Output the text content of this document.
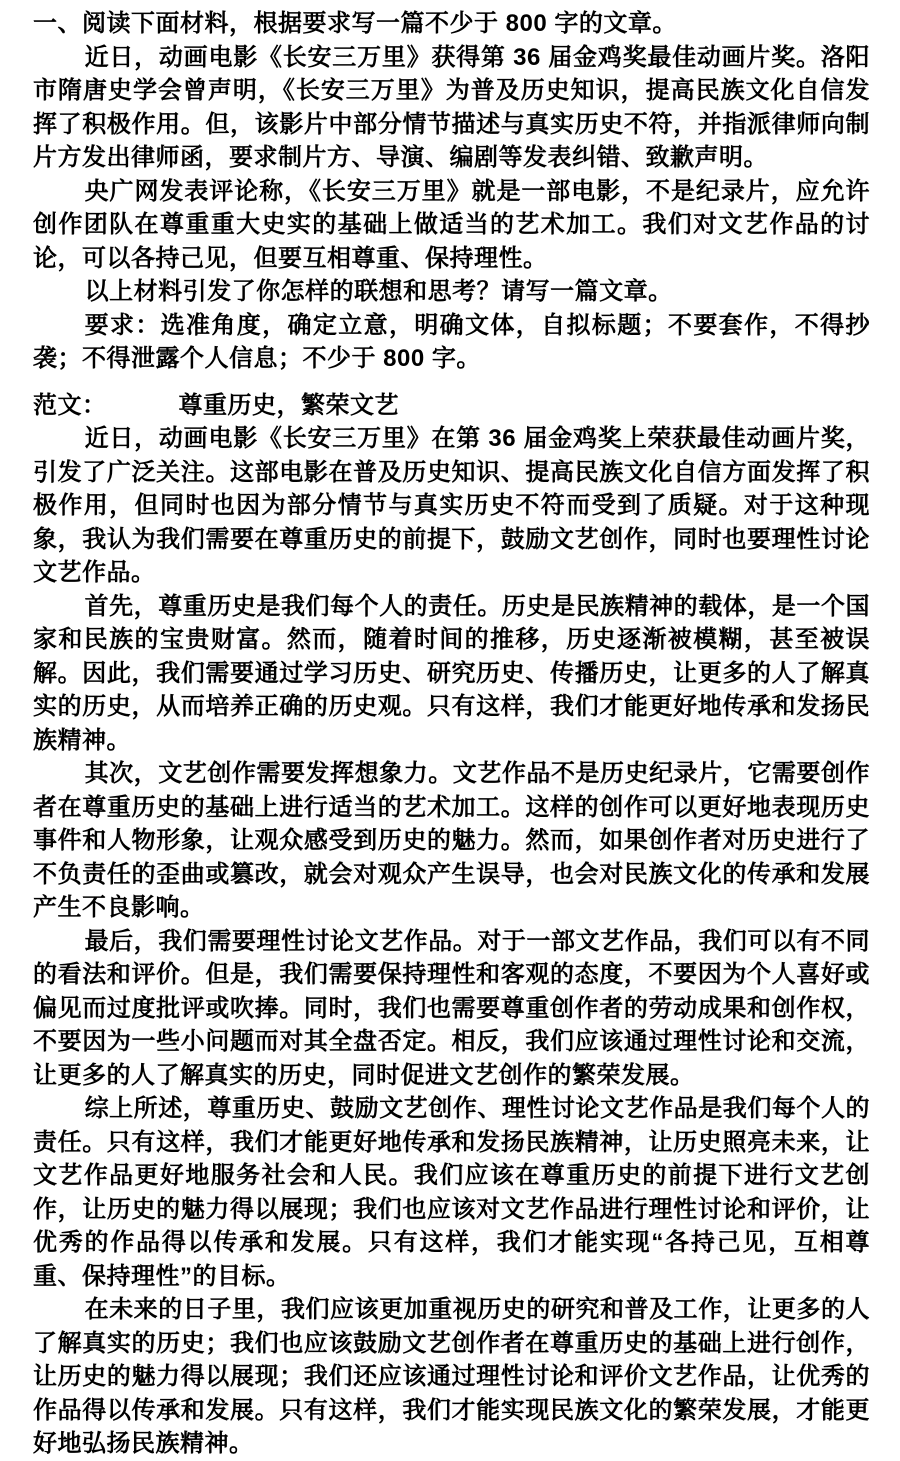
一、阅读下面材料，根据要求写一篇不少于 800 字的文章。

近日，动画电影《长安三万里》获得第 36 届金鸡奖最佳动画片奖。洛阳市隋唐史学会曾声明，《长安三万里》为普及历史知识，提高民族文化自信发挥了积极作用。但，该影片中部分情节描述与真实历史不符，并指派律师向制片方发出律师函，要求制片方、导演、编剧等发表纠错、致歉声明。

央广网发表评论称，《长安三万里》就是一部电影，不是纪录片，应允许创作团队在尊重重大史实的基础上做适当的艺术加工。我们对文艺作品的讨论，可以各持己见，但要互相尊重、保持理性。

以上材料引发了你怎样的联想和思考？请写一篇文章。

要求：选准角度，确定立意，明确文体，自拟标题；不要套作，不得抄袭；不得泄露个人信息；不少于 800 字。

范文：	尊重历史，繁荣文艺

近日，动画电影《长安三万里》在第 36 届金鸡奖上荣获最佳动画片奖，引发了广泛关注。这部电影在普及历史知识、提高民族文化自信方面发挥了积极作用，但同时也因为部分情节与真实历史不符而受到了质疑。对于这种现象，我认为我们需要在尊重历史的前提下，鼓励文艺创作，同时也要理性讨论文艺作品。

首先，尊重历史是我们每个人的责任。历史是民族精神的载体，是一个国家和民族的宝贵财富。然而，随着时间的推移，历史逐渐被模糊，甚至被误解。因此，我们需要通过学习历史、研究历史、传播历史，让更多的人了解真实的历史，从而培养正确的历史观。只有这样，我们才能更好地传承和发扬民族精神。

其次，文艺创作需要发挥想象力。文艺作品不是历史纪录片，它需要创作者在尊重历史的基础上进行适当的艺术加工。这样的创作可以更好地表现历史事件和人物形象，让观众感受到历史的魅力。然而，如果创作者对历史进行了不负责任的歪曲或篡改，就会对观众产生误导，也会对民族文化的传承和发展产生不良影响。

最后，我们需要理性讨论文艺作品。对于一部文艺作品，我们可以有不同的看法和评价。但是，我们需要保持理性和客观的态度，不要因为个人喜好或偏见而过度批评或吹捧。同时，我们也需要尊重创作者的劳动成果和创作权，不要因为一些小问题而对其全盘否定。相反，我们应该通过理性讨论和交流，让更多的人了解真实的历史，同时促进文艺创作的繁荣发展。

综上所述，尊重历史、鼓励文艺创作、理性讨论文艺作品是我们每个人的责任。只有这样，我们才能更好地传承和发扬民族精神，让历史照亮未来，让文艺作品更好地服务社会和人民。我们应该在尊重历史的前提下进行文艺创作，让历史的魅力得以展现；我们也应该对文艺作品进行理性讨论和评价，让优秀的作品得以传承和发展。只有这样，我们才能实现“各持己见，互相尊重、保持理性”的目标。

在未来的日子里，我们应该更加重视历史的研究和普及工作，让更多的人了解真实的历史；我们也应该鼓励文艺创作者在尊重历史的基础上进行创作，让历史的魅力得以展现；我们还应该通过理性讨论和评价文艺作品，让优秀的作品得以传承和发展。只有这样，我们才能实现民族文化的繁荣发展，才能更好地弘扬民族精神。
